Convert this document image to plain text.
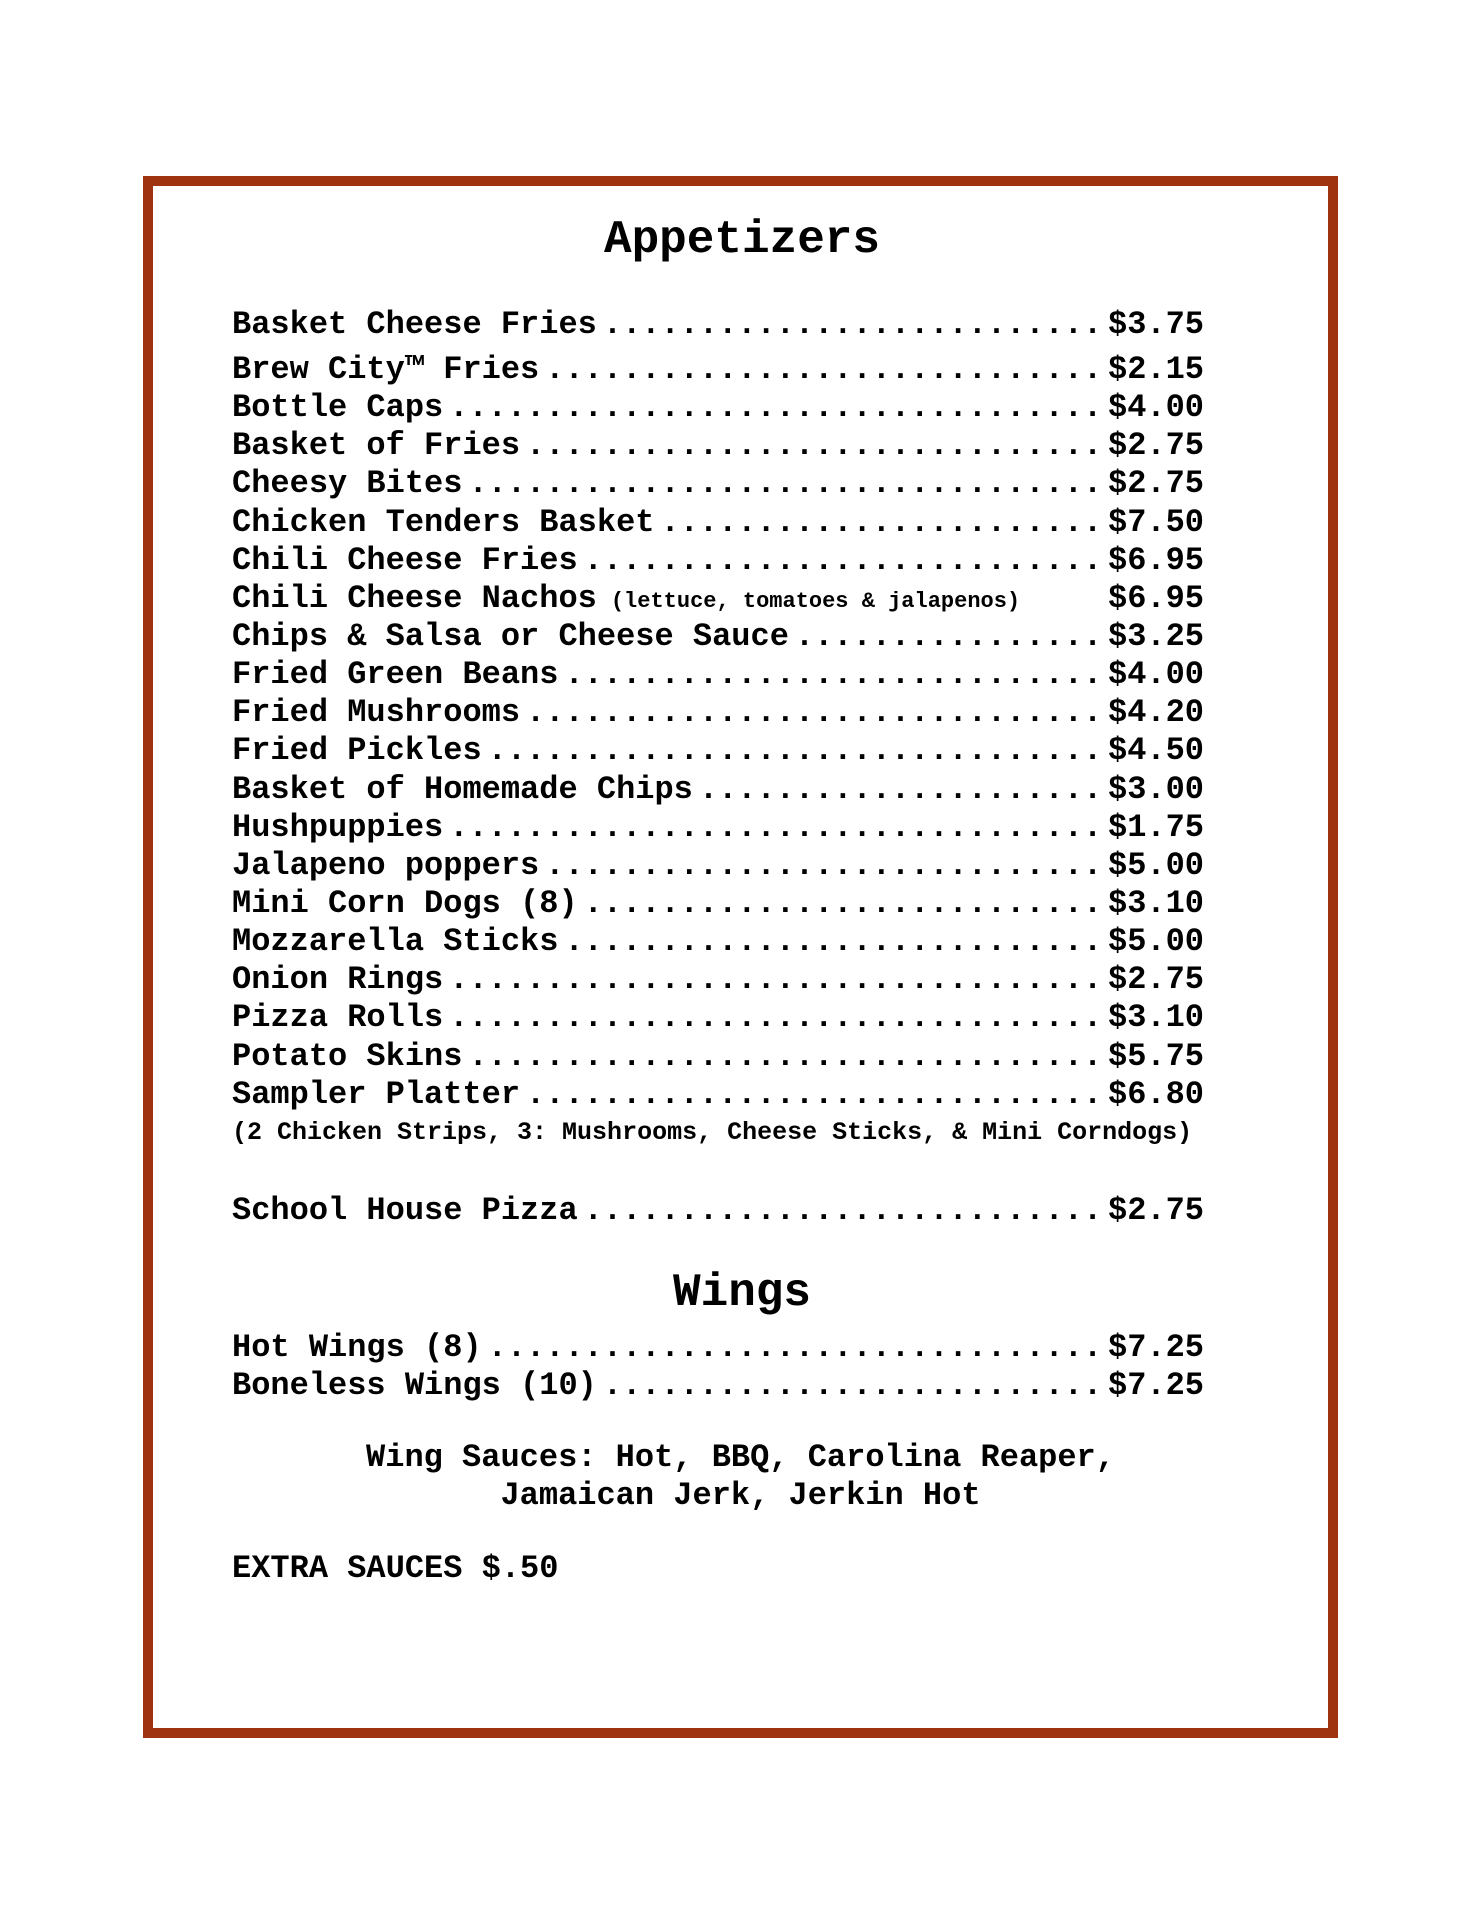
Appetizers
Basket Cheese Fries .....	$3.75
Brew City™ Fries .....	$2.15
Bottle Caps .....	$4.00
Basket of Fries .....	$2.75
Cheesy Bites .....	$2.75
Chicken Tenders Basket .....	$7.50
Chili Cheese Fries .....	$6.95
Chili Cheese Nachos (lettuce, tomatoes & jalapenos)	$6.95
Chips & Salsa or Cheese Sauce .....	$3.25
Fried Green Beans .....	$4.00
Fried Mushrooms .....	$4.20
Fried Pickles .....	$4.50
Basket of Homemade Chips .....	$3.00
Hushpuppies .....	$1.75
Jalapeno poppers .....	$5.00
Mini Corn Dogs (8) .....	$3.10
Mozzarella Sticks .....	$5.00
Onion Rings .....	$2.75
Pizza Rolls .....	$3.10
Potato Skins .....	$5.75
Sampler Platter .....	$6.80
(2 Chicken Strips, 3: Mushrooms, Cheese Sticks, & Mini Corndogs)
School House Pizza .....	$2.75
Wings
Hot Wings (8) .....	$7.25
Boneless Wings (10) .....	$7.25
Wing Sauces: Hot, BBQ, Carolina Reaper,
Jamaican Jerk, Jerkin Hot
EXTRA SAUCES $.50
